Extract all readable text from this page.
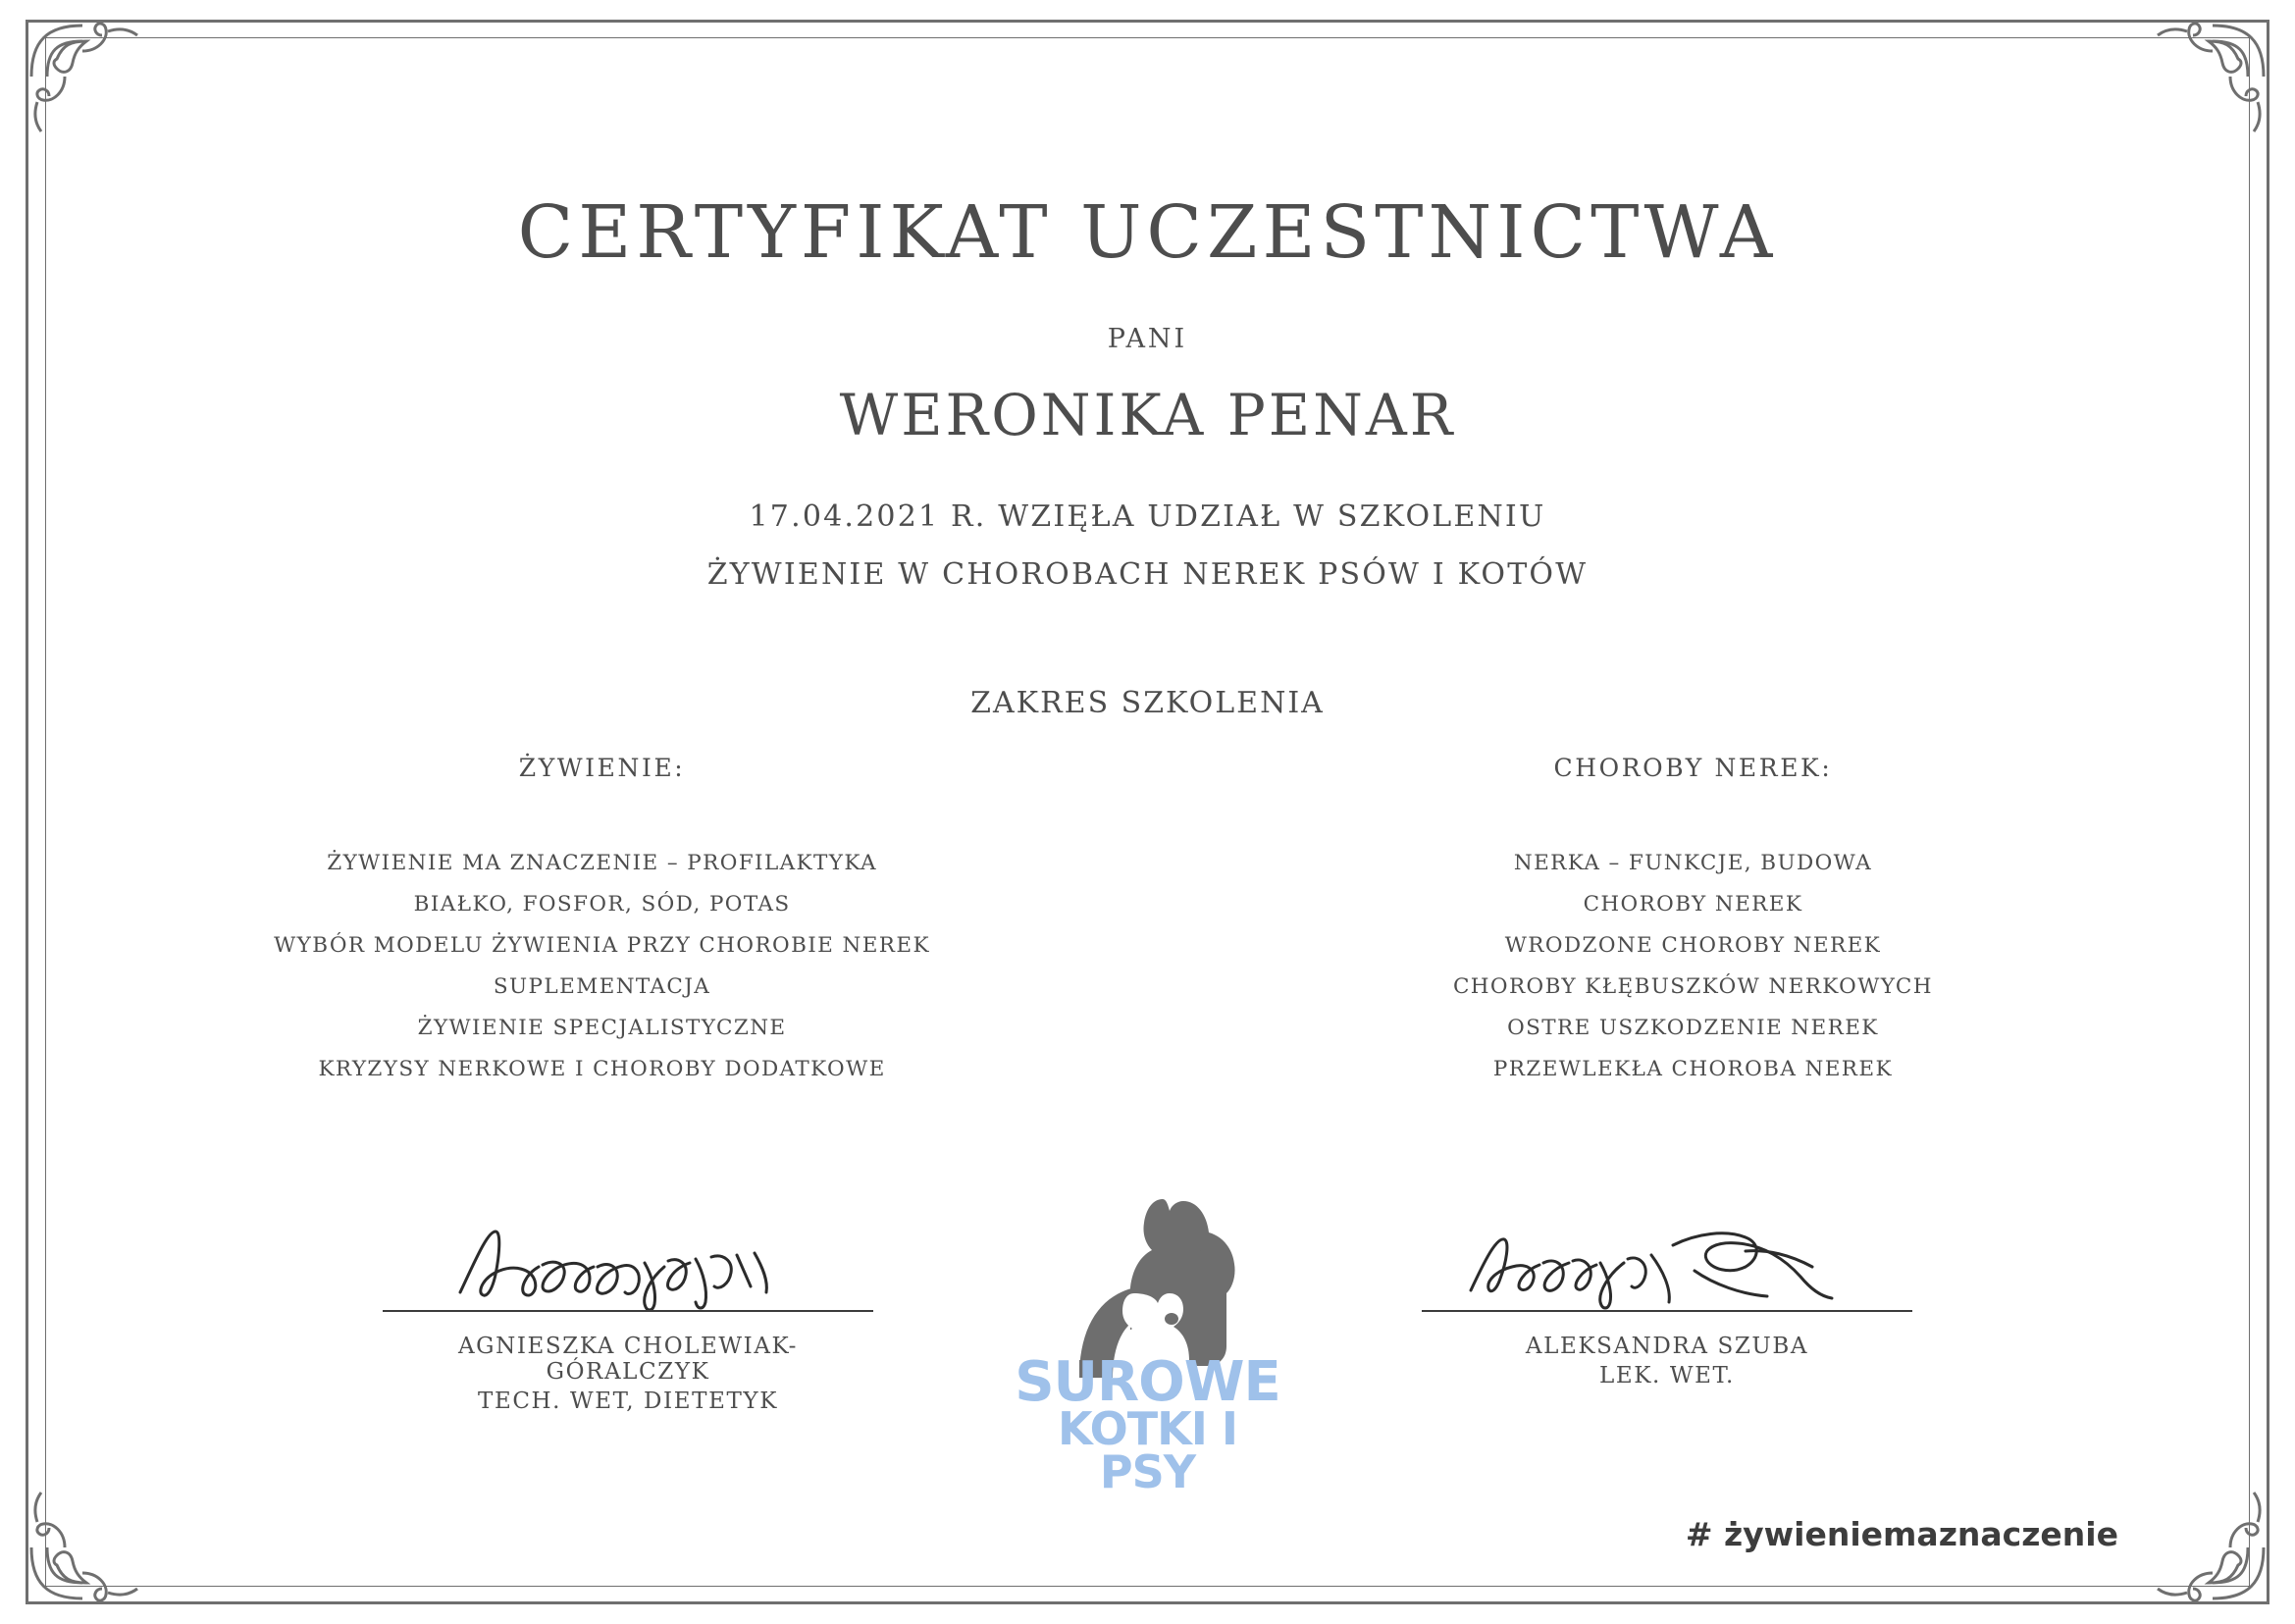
CERTYFIKAT UCZESTNICTWA
PANI
WERONIKA PENAR
17.04.2021 R. WZIĘŁA UDZIAŁ W SZKOLENIU
ŻYWIENIE W CHOROBACH NEREK PSÓW I KOTÓW
ZAKRES SZKOLENIA
ŻYWIENIE:
ŻYWIENIE MA ZNACZENIE – PROFILAKTYKA
BIAŁKO, FOSFOR, SÓD, POTAS
WYBÓR MODELU ŻYWIENIA PRZY CHOROBIE NEREK
SUPLEMENTACJA
ŻYWIENIE SPECJALISTYCZNE
KRYZYSY NERKOWE I CHOROBY DODATKOWE
CHOROBY NEREK:
NERKA – FUNKCJE, BUDOWA
CHOROBY NEREK
WRODZONE CHOROBY NEREK
CHOROBY KŁĘBUSZKÓW NERKOWYCH
OSTRE USZKODZENIE NEREK
PRZEWLEKŁA CHOROBA NEREK
AGNIESZKA CHOLEWIAK-GÓRALCZYK
TECH. WET, DIETETYK
ALEKSANDRA SZUBA
LEK. WET.
SUROWE
KOTKI I PSY
# żywieniemaznaczenie
